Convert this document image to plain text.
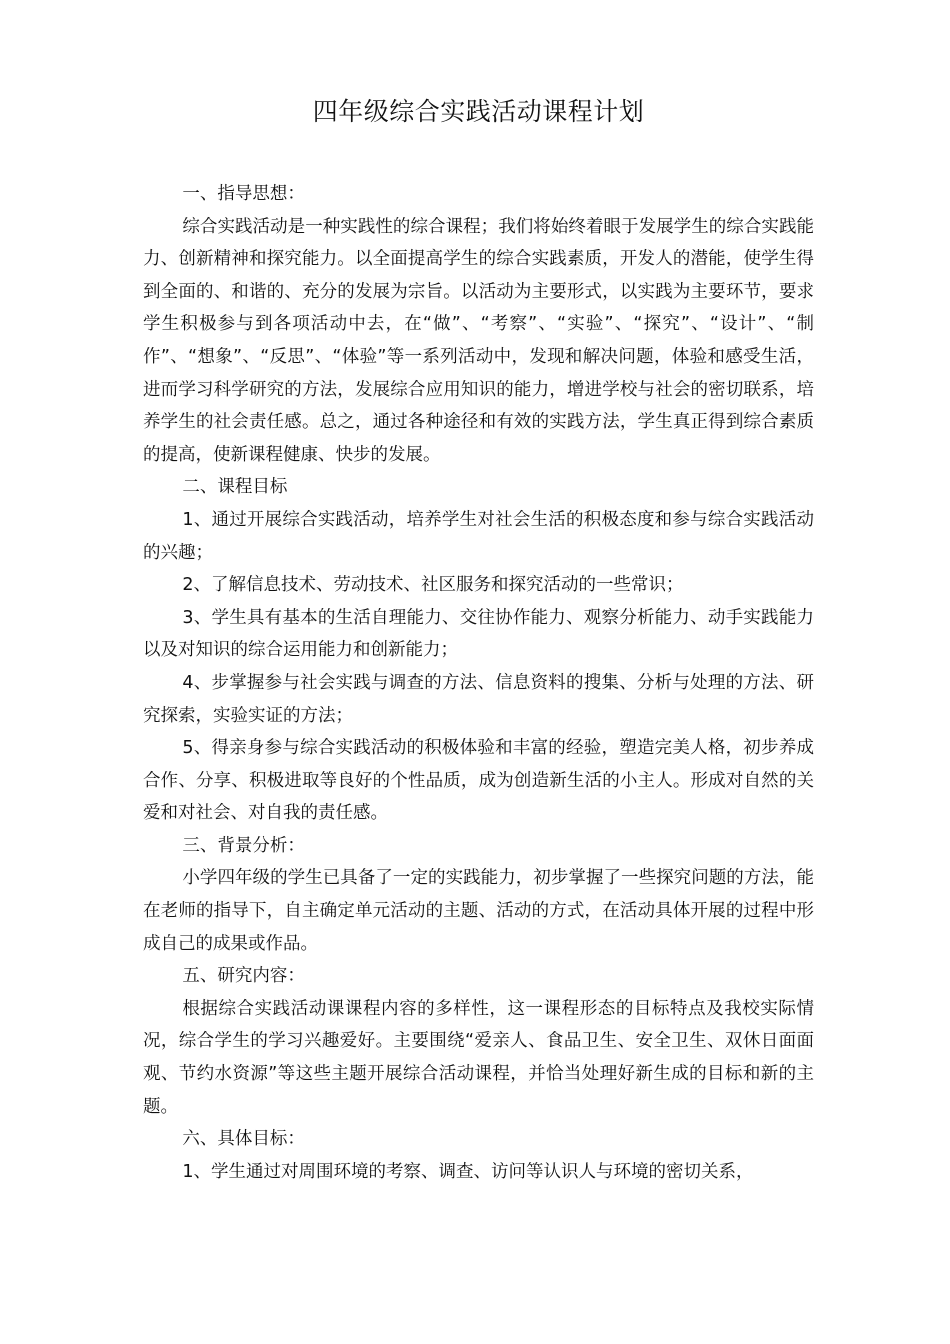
四年级综合实践活动课程计划

一、指导思想：

综合实践活动是一种实践性的综合课程；我们将始终着眼于发展学生的综合实践能力、创新精神和探究能力。以全面提高学生的综合实践素质，开发人的潜能，使学生得到全面的、和谐的、充分的发展为宗旨。以活动为主要形式，以实践为主要环节，要求学生积极参与到各项活动中去，在“做”、“考察”、“实验”、“探究”、“设计”、“制作”、“想象”、“反思”、“体验”等一系列活动中，发现和解决问题，体验和感受生活，进而学习科学研究的方法，发展综合应用知识的能力，增进学校与社会的密切联系，培养学生的社会责任感。总之，通过各种途径和有效的实践方法，学生真正得到综合素质的提高，使新课程健康、快步的发展。

二、课程目标

1、通过开展综合实践活动，培养学生对社会生活的积极态度和参与综合实践活动的兴趣；

2、了解信息技术、劳动技术、社区服务和探究活动的一些常识；

3、学生具有基本的生活自理能力、交往协作能力、观察分析能力、动手实践能力以及对知识的综合运用能力和创新能力；

4、步掌握参与社会实践与调查的方法、信息资料的搜集、分析与处理的方法、研究探索，实验实证的方法；

5、得亲身参与综合实践活动的积极体验和丰富的经验，塑造完美人格，初步养成合作、分享、积极进取等良好的个性品质，成为创造新生活的小主人。形成对自然的关爱和对社会、对自我的责任感。

三、背景分析：

小学四年级的学生已具备了一定的实践能力，初步掌握了一些探究问题的方法，能在老师的指导下，自主确定单元活动的主题、活动的方式，在活动具体开展的过程中形成自己的成果或作品。

五、研究内容：

根据综合实践活动课课程内容的多样性，这一课程形态的目标特点及我校实际情况，综合学生的学习兴趣爱好。主要围绕“爱亲人、食品卫生、安全卫生、双休日面面观、节约水资源”等这些主题开展综合活动课程，并恰当处理好新生成的目标和新的主题。

六、具体目标：

1、学生通过对周围环境的考察、调查、访问等认识人与环境的密切关系，
